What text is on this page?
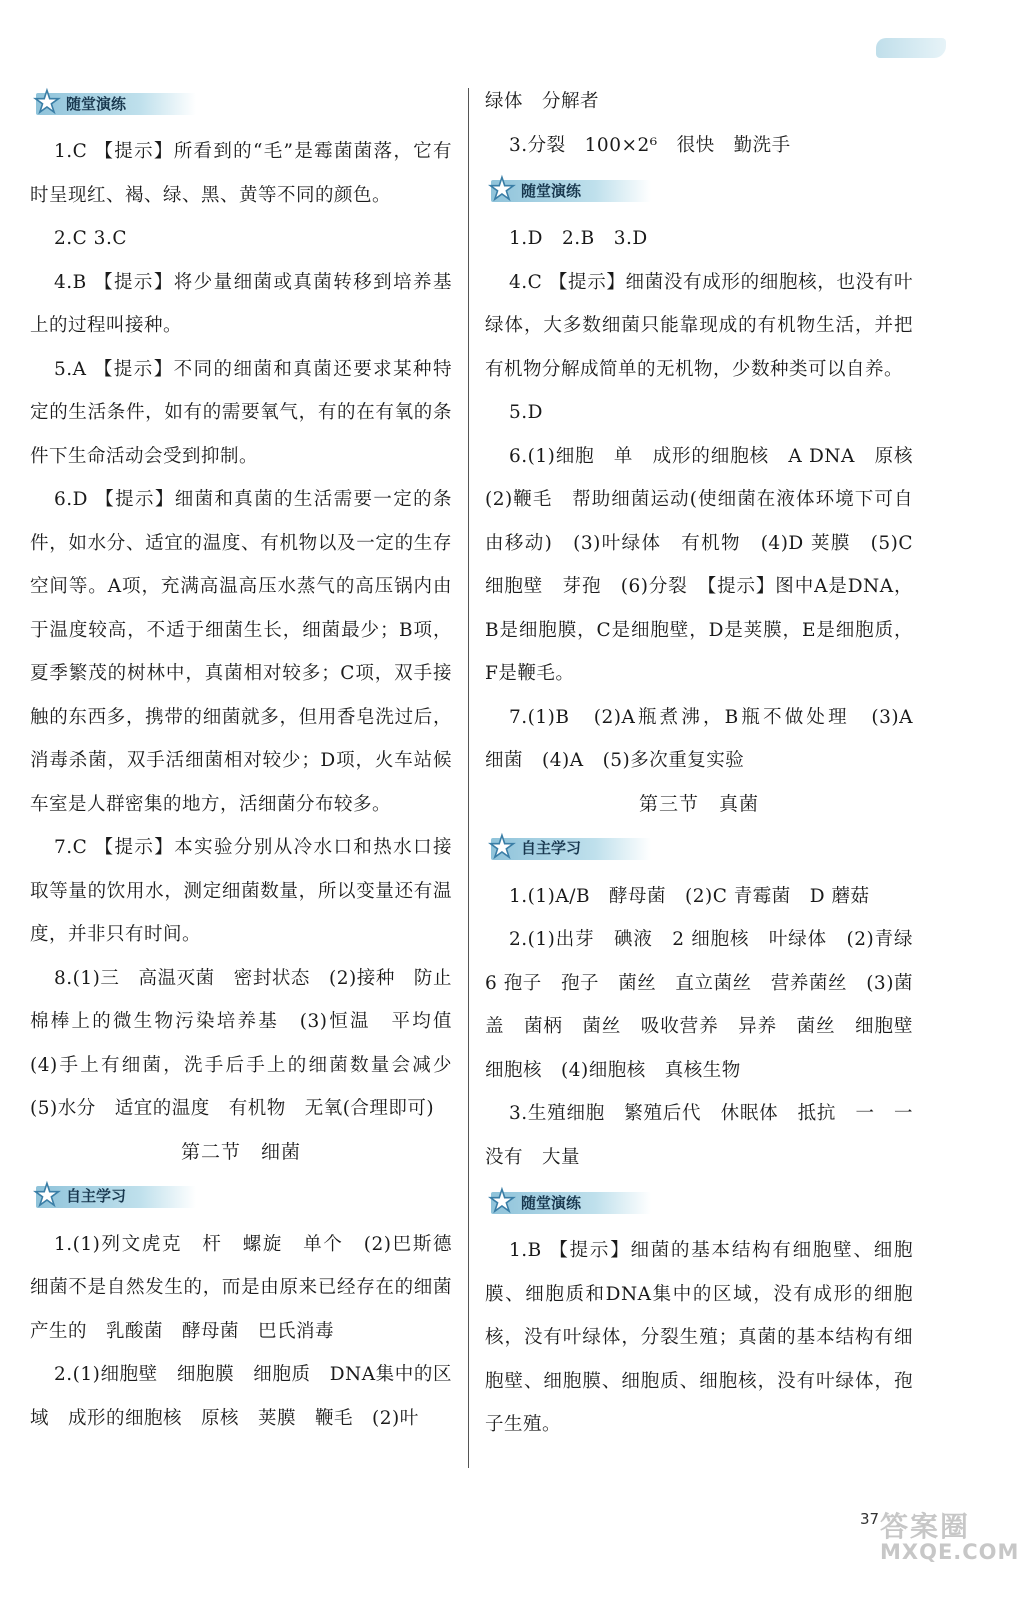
★ 随堂演练

1.C 【提示】所看到的“毛”是霉菌菌落，它有时呈现红、褐、绿、黑、黄等不同的颜色。

2.C 3.C

4.B 【提示】将少量细菌或真菌转移到培养基上的过程叫接种。

5.A 【提示】不同的细菌和真菌还要求某种特定的生活条件，如有的需要氧气，有的在有氧的条件下生命活动会受到抑制。

6.D 【提示】细菌和真菌的生活需要一定的条件，如水分、适宜的温度、有机物以及一定的生存空间等。A项，充满高温高压水蒸气的高压锅内由于温度较高，不适于细菌生长，细菌最少；B项，夏季繁茂的树林中，真菌相对较多；C项，双手接触的东西多，携带的细菌就多，但用香皂洗过后，消毒杀菌，双手活细菌相对较少；D项，火车站候车室是人群密集的地方，活细菌分布较多。

7.C 【提示】本实验分别从冷水口和热水口接取等量的饮用水，测定细菌数量，所以变量还有温度，并非只有时间。

8.(1)三　高温灭菌　密封状态　(2)接种　防止棉棒上的微生物污染培养基　(3)恒温　平均值　(4)手上有细菌，洗手后手上的细菌数量会减少　(5)水分　适宜的温度　有机物　无氧(合理即可)

第二节　细菌

★ 自主学习

1.(1)列文虎克　杆　螺旋　单个　(2)巴斯德　细菌不是自然发生的，而是由原来已经存在的细菌产生的　乳酸菌　酵母菌　巴氏消毒

2.(1)细胞壁　细胞膜　细胞质　DNA集中的区域　成形的细胞核　原核　荚膜　鞭毛　(2)叶

绿体　分解者

3.分裂　100×2⁶　很快　勤洗手

★ 随堂演练

1.D　2.B　3.D

4.C 【提示】细菌没有成形的细胞核，也没有叶绿体，大多数细菌只能靠现成的有机物生活，并把有机物分解成简单的无机物，少数种类可以自养。

5.D

6.(1)细胞　单　成形的细胞核　A DNA　原核　(2)鞭毛　帮助细菌运动(使细菌在液体环境下可自由移动)　(3)叶绿体　有机物　(4)D 荚膜　(5)C 细胞壁　芽孢　(6)分裂　【提示】图中A是DNA，B是细胞膜，C是细胞壁，D是荚膜，E是细胞质，F是鞭毛。

7.(1)B　(2)A瓶煮沸，B瓶不做处理　(3)A　细菌　(4)A　(5)多次重复实验

第三节　真菌

★ 自主学习

1.(1)A/B　酵母菌　(2)C 青霉菌　D 蘑菇

2.(1)出芽　碘液　2 细胞核　叶绿体　(2)青绿　6 孢子　孢子　菌丝　直立菌丝　营养菌丝　(3)菌盖　菌柄　菌丝　吸收营养　异养　菌丝　细胞壁　细胞核　(4)细胞核　真核生物

3.生殖细胞　繁殖后代　休眠体　抵抗　一　一　没有　大量

★ 随堂演练

1.B 【提示】细菌的基本结构有细胞壁、细胞膜、细胞质和DNA集中的区域，没有成形的细胞核，没有叶绿体，分裂生殖；真菌的基本结构有细胞壁、细胞膜、细胞质、细胞核，没有叶绿体，孢子生殖。

37 答案圈
MXQE.COM
